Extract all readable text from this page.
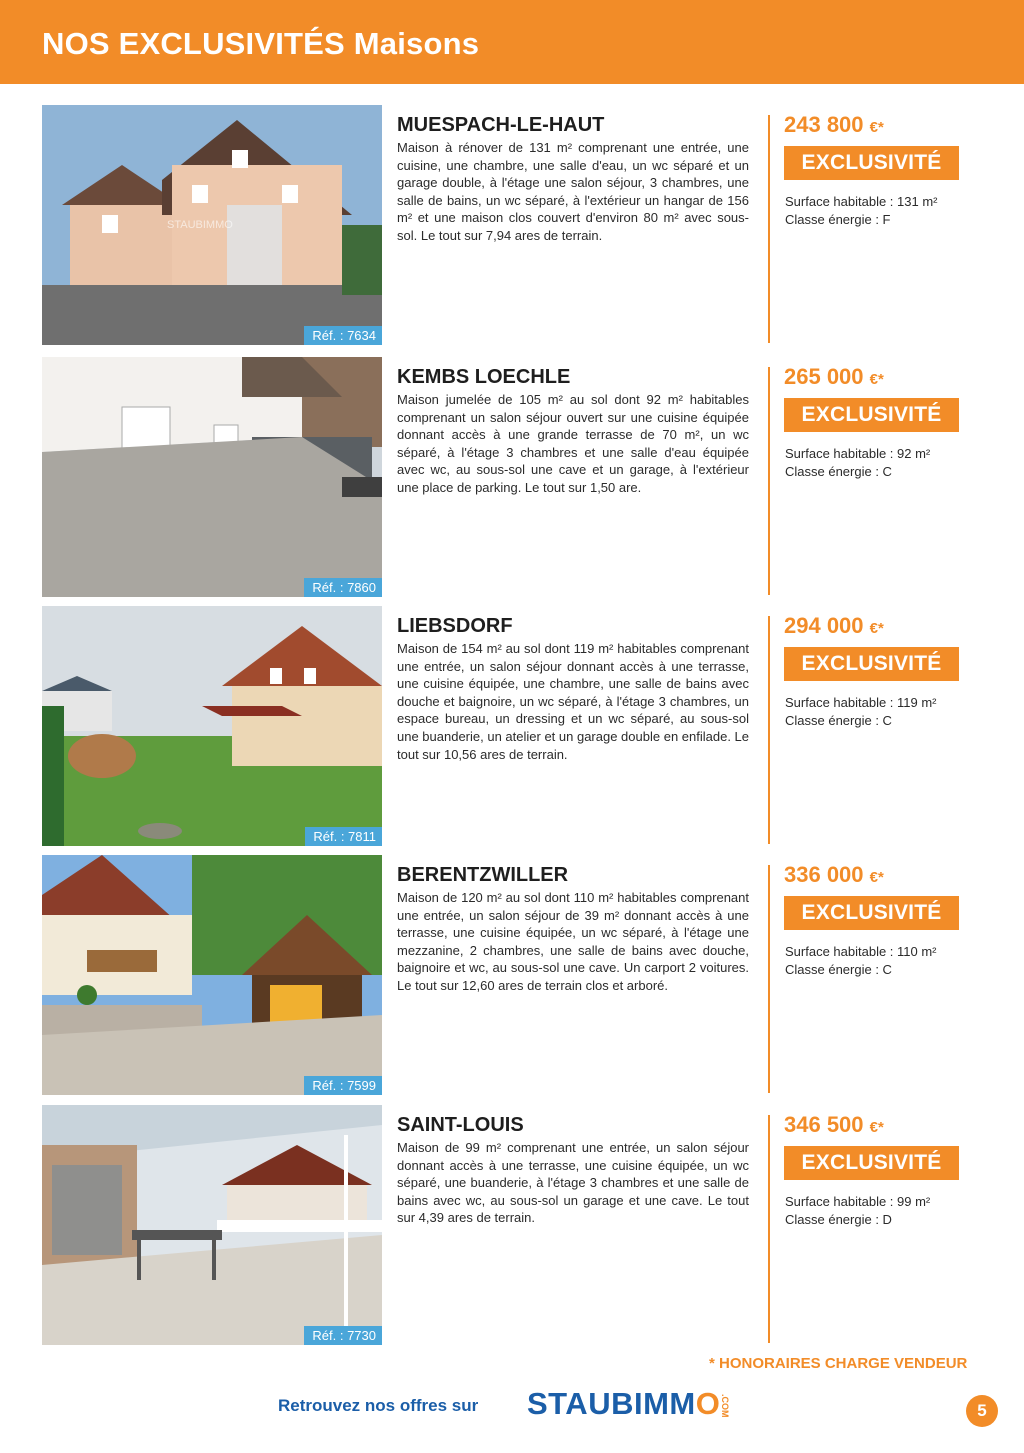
NOS EXCLUSIVITÉS Maisons
STAUBIMMO
Réf. : 7634
MUESPACH-LE-HAUT

Maison à rénover de 131 m² comprenant une entrée, une cuisine, une chambre, une salle d'eau, un wc séparé et un garage double, à l'étage une salon séjour, 3 chambres, une salle de bains, un wc séparé, à l'extérieur un hangar de 156 m² et une maison clos couvert d'environ 80 m² avec sous-sol. Le tout sur 7,94 ares de terrain.

243 800 €*
EXCLUSIVITÉ
Surface habitable : 131 m²
Classe énergie : F
Réf. : 7860
KEMBS LOECHLE

Maison jumelée de 105 m² au sol dont 92 m² habitables comprenant un salon séjour ouvert sur une cuisine équipée donnant accès à une grande terrasse de 70 m², un wc séparé, à l'étage 3 chambres et une salle d'eau équipée avec wc, au sous-sol une cave et un garage, à l'extérieur une place de parking. Le tout sur 1,50 are.

265 000 €*
EXCLUSIVITÉ
Surface habitable : 92 m²
Classe énergie : C
Réf. : 7811
LIEBSDORF

Maison de 154 m² au sol dont 119 m² habitables comprenant une entrée, un salon séjour donnant accès à une terrasse, une cuisine équipée, une chambre, une salle de bains avec douche et baignoire, un wc séparé, à l'étage 3 chambres, un espace bureau, un dressing et un wc séparé, au sous-sol une buanderie, un atelier et un garage double en enfilade. Le tout sur 10,56 ares de terrain.

294 000 €*
EXCLUSIVITÉ
Surface habitable : 119 m²
Classe énergie : C
Réf. : 7599
BERENTZWILLER

Maison de 120 m² au sol dont 110 m² habitables comprenant une entrée, un salon séjour de 39 m² donnant accès à une terrasse, une cuisine équipée, un wc séparé, à l'étage une mezzanine, 2 chambres, une salle de bains avec douche, baignoire et wc, au sous-sol une cave. Un carport 2 voitures. Le tout sur 12,60 ares de terrain clos et arboré.

336 000 €*
EXCLUSIVITÉ
Surface habitable : 110 m²
Classe énergie : C
Réf. : 7730
SAINT-LOUIS

Maison de 99 m² comprenant une entrée, un salon séjour donnant accès à une terrasse, une cuisine équipée, un wc séparé, une buanderie, à l'étage 3 chambres et une salle de bains avec wc, au sous-sol un garage et une cave. Le tout sur 4,39 ares de terrain.

346 500 €*
EXCLUSIVITÉ
Surface habitable : 99 m²
Classe énergie : D
* HONORAIRES CHARGE VENDEUR
Retrouvez nos offres sur STAUBIMMO .COM	5
